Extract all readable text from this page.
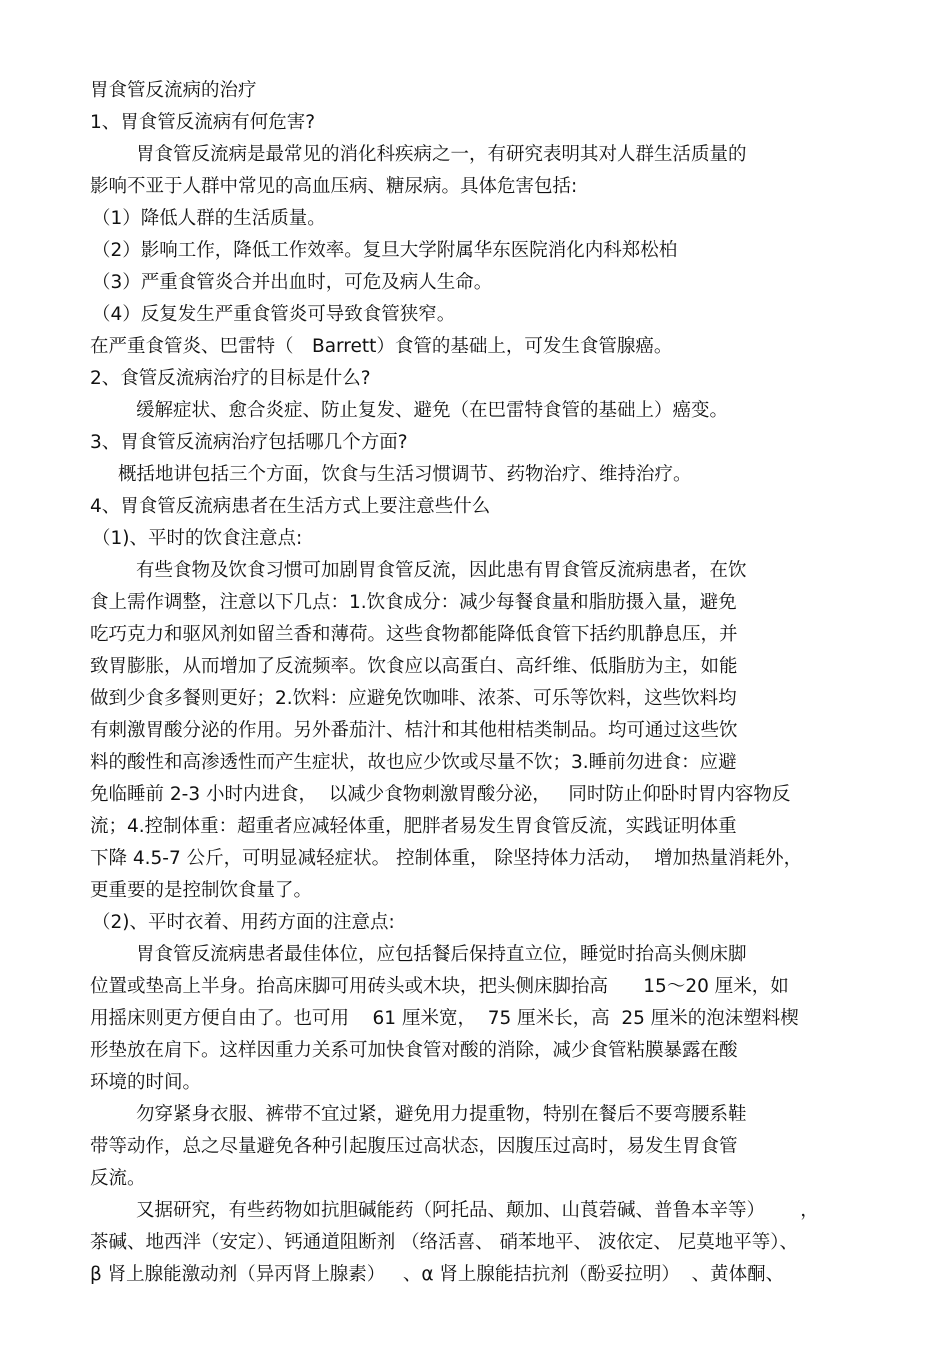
胃食管反流病的治疗

1、胃食管反流病有何危害?

胃食管反流病是最常见的消化科疾病之一，有研究表明其对人群生活质量的

影响不亚于人群中常见的高血压病、糖尿病。具体危害包括:

（1）降低人群的生活质量。

（2）影响工作，降低工作效率。复旦大学附属华东医院消化内科郑松柏

（3）严重食管炎合并出血时，可危及病人生命。

（4）反复发生严重食管炎可导致食管狭窄。

在严重食管炎、巴雷特（　Barrett）食管的基础上，可发生食管腺癌。

2、食管反流病治疗的目标是什么?

缓解症状、愈合炎症、防止复发、避免（在巴雷特食管的基础上）癌变。

3、胃食管反流病治疗包括哪几个方面?

概括地讲包括三个方面，饮食与生活习惯调节、药物治疗、维持治疗。

4、胃食管反流病患者在生活方式上要注意些什么

（1)、平时的饮食注意点:

有些食物及饮食习惯可加剧胃食管反流，因此患有胃食管反流病患者，在饮

食上需作调整，注意以下几点：1.饮食成分：减少每餐食量和脂肪摄入量，避免

吃巧克力和驱风剂如留兰香和薄荷。这些食物都能降低食管下括约肌静息压，并

致胃膨胀，从而增加了反流频率。饮食应以高蛋白、高纤维、低脂肪为主，如能

做到少食多餐则更好；2.饮料：应避免饮咖啡、浓茶、可乐等饮料，这些饮料均

有刺激胃酸分泌的作用。另外番茄汁、桔汁和其他柑桔类制品。均可通过这些饮

料的酸性和高渗透性而产生症状，故也应少饮或尽量不饮；3.睡前勿进食：应避

免临睡前 2-3 小时内进食，  以减少食物刺激胃酸分泌，   同时防止仰卧时胃内容物反

流；4.控制体重：超重者应减轻体重，肥胖者易发生胃食管反流，实践证明体重

下降 4.5-7 公斤，可明显减轻症状。 控制体重， 除坚持体力活动，  增加热量消耗外，

更重要的是控制饮食量了。

（2)、平时衣着、用药方面的注意点:

胃食管反流病患者最佳体位，应包括餐后保持直立位，睡觉时抬高头侧床脚

位置或垫高上半身。抬高床脚可用砖头或木块，把头侧床脚抬高      15～20 厘米，如

用摇床则更方便自由了。也可用    61 厘米宽，  75 厘米长，高  25 厘米的泡沫塑料楔

形垫放在肩下。这样因重力关系可加快食管对酸的消除，减少食管粘膜暴露在酸

环境的时间。

勿穿紧身衣服、裤带不宜过紧，避免用力提重物，特别在餐后不要弯腰系鞋

带等动作，总之尽量避免各种引起腹压过高状态，因腹压过高时，易发生胃食管

反流。

又据研究，有些药物如抗胆碱能药（阿托品、颠加、山莨菪碱、普鲁本辛等）      ，

茶碱、地西泮（安定）、钙通道阻断剂 （络活喜、 硝苯地平、 波依定、 尼莫地平等）、

β 肾上腺能激动剂（异丙肾上腺素）   、α 肾上腺能拮抗剂（酚妥拉明）  、黄体酮、
